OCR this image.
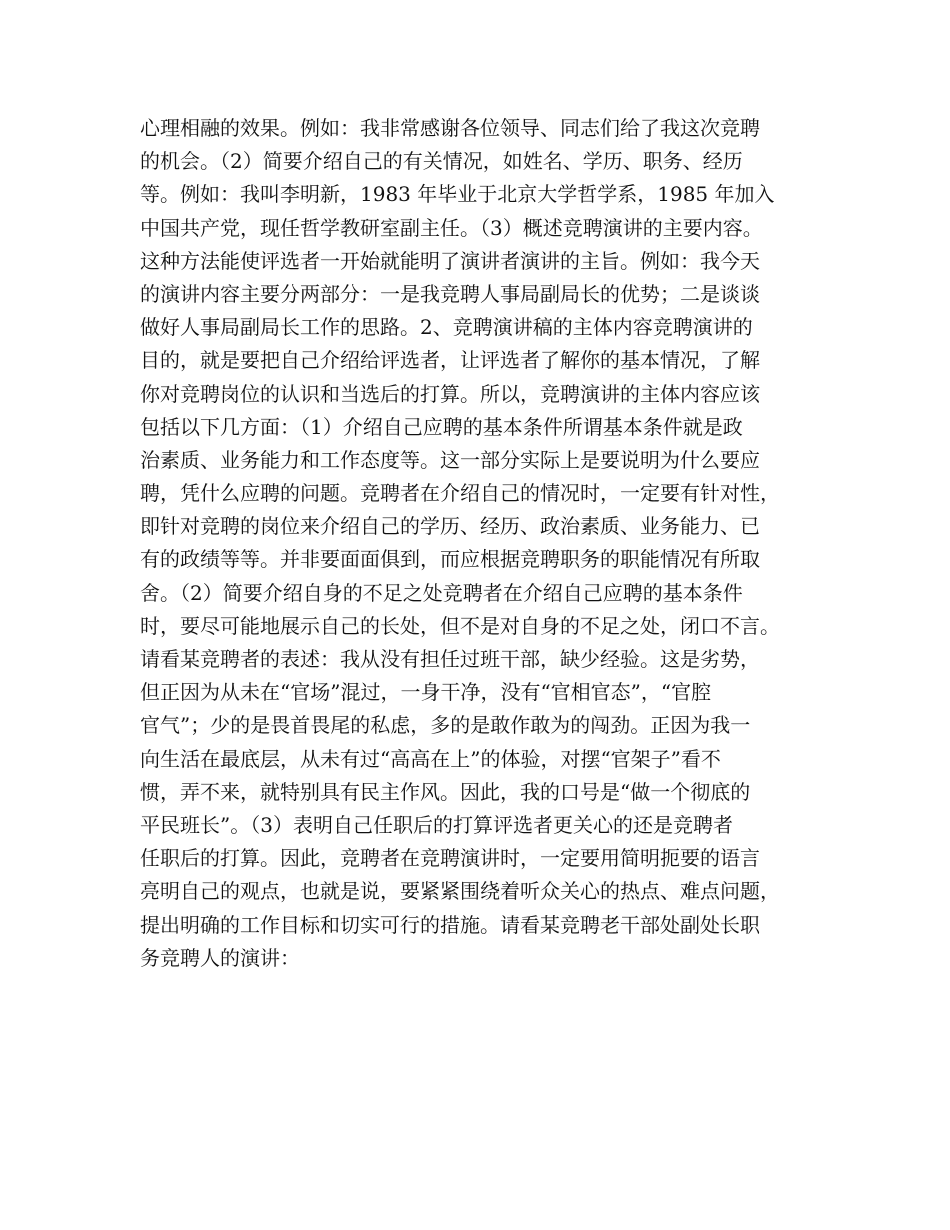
心理相融的效果。例如：我非常感谢各位领导、同志们给了我这次竞聘
的机会。（2）简要介绍自己的有关情况，如姓名、学历、职务、经历
等。例如：我叫李明新，1983 年毕业于北京大学哲学系，1985 年加入
中国共产党，现任哲学教研室副主任。（3）概述竞聘演讲的主要内容。
这种方法能使评选者一开始就能明了演讲者演讲的主旨。例如：我今天
的演讲内容主要分两部分：一是我竞聘人事局副局长的优势；二是谈谈
做好人事局副局长工作的思路。2、竞聘演讲稿的主体内容竞聘演讲的
目的，就是要把自己介绍给评选者，让评选者了解你的基本情况，了解
你对竞聘岗位的认识和当选后的打算。所以，竞聘演讲的主体内容应该
包括以下几方面：（1）介绍自己应聘的基本条件所谓基本条件就是政
治素质、业务能力和工作态度等。这一部分实际上是要说明为什么要应
聘，凭什么应聘的问题。竞聘者在介绍自己的情况时，一定要有针对性，
即针对竞聘的岗位来介绍自己的学历、经历、政治素质、业务能力、已
有的政绩等等。并非要面面俱到，而应根据竞聘职务的职能情况有所取
舍。（2）简要介绍自身的不足之处竞聘者在介绍自己应聘的基本条件
时，要尽可能地展示自己的长处，但不是对自身的不足之处，闭口不言。
请看某竞聘者的表述：我从没有担任过班干部，缺少经验。这是劣势，
但正因为从未在“官场”混过，一身干净，没有“官相官态”，“官腔
官气”；少的是畏首畏尾的私虑，多的是敢作敢为的闯劲。正因为我一
向生活在最底层，从未有过“高高在上”的体验，对摆“官架子”看不
惯，弄不来，就特别具有民主作风。因此，我的口号是“做一个彻底的
平民班长”。（3）表明自己任职后的打算评选者更关心的还是竞聘者
任职后的打算。因此，竞聘者在竞聘演讲时，一定要用简明扼要的语言
亮明自己的观点，也就是说，要紧紧围绕着听众关心的热点、难点问题，
提出明确的工作目标和切实可行的措施。请看某竞聘老干部处副处长职
务竞聘人的演讲：
